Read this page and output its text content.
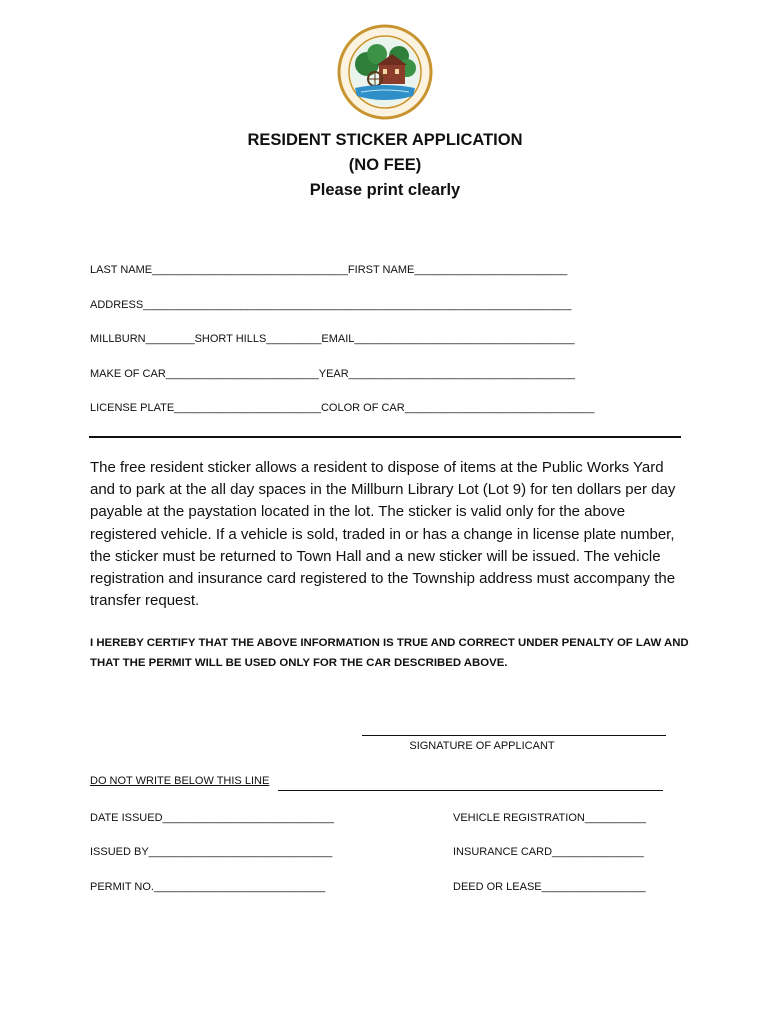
RESIDENT STICKER APPLICATION
(NO FEE)
Please print clearly
LAST NAME________________________________FIRST NAME_________________________
ADDRESS______________________________________________________________________
MILLBURN________SHORT HILLS_________EMAIL____________________________________
MAKE OF CAR_________________________YEAR_____________________________________
LICENSE PLATE________________________COLOR OF CAR_______________________________
The free resident sticker allows a resident to dispose of items at the Public Works Yard and to park at the all day spaces in the Millburn Library Lot (Lot 9) for ten dollars per day payable at the paystation located in the lot. The sticker is valid only for the above registered vehicle. If a vehicle is sold, traded in or has a change in license plate number, the sticker must be returned to Town Hall and a new sticker will be issued. The vehicle registration and insurance card registered to the Township address must accompany the transfer request.
I HEREBY CERTIFY THAT THE ABOVE INFORMATION IS TRUE AND CORRECT UNDER PENALTY OF LAW AND THAT THE PERMIT WILL BE USED ONLY FOR THE CAR DESCRIBED ABOVE.
SIGNATURE OF APPLICANT
DO NOT WRITE BELOW THIS LINE
DATE ISSUED____________________________
ISSUED BY______________________________
PERMIT NO.____________________________
VEHICLE REGISTRATION__________
INSURANCE CARD_______________
DEED OR LEASE_________________
